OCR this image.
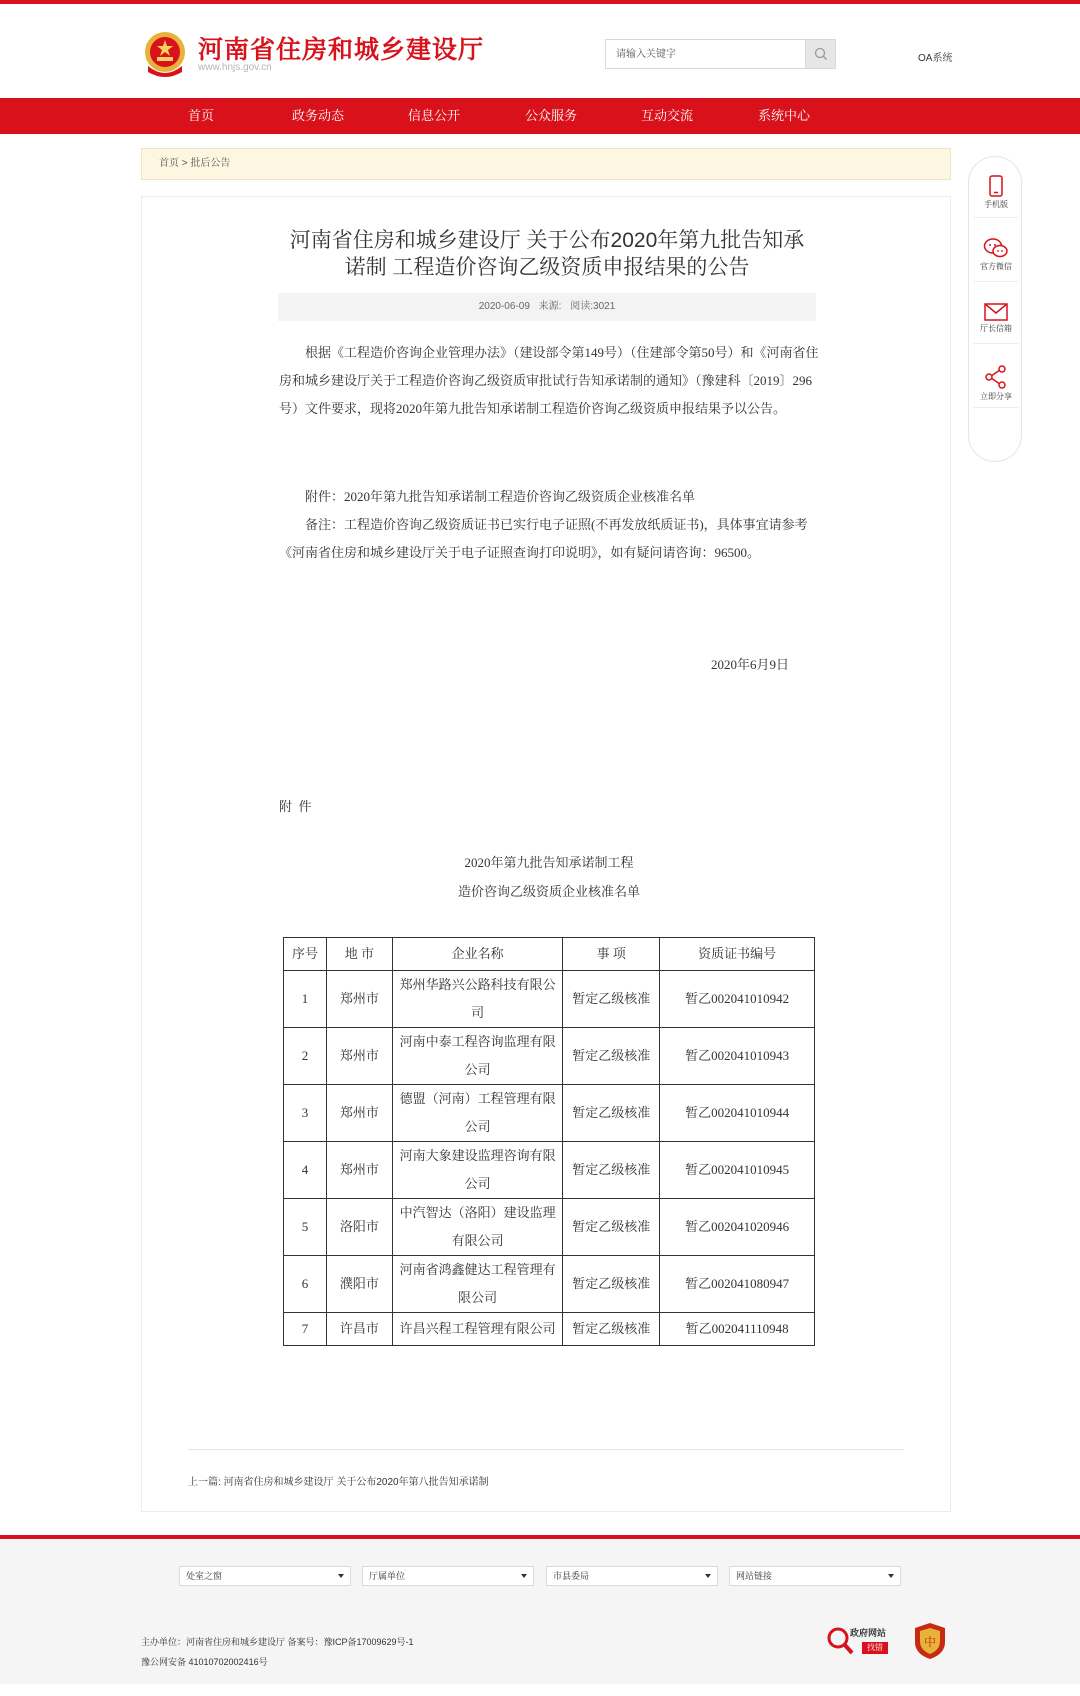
河南省住房和城乡建设厅
www.hnjs.gov.cn
请输入关键字
OA系统
首页	政务动态	信息公开	公众服务	互动交流	系统中心
首页 > 批后公告
河南省住房和城乡建设厅 关于公布2020年第九批告知承诺制 工程造价咨询乙级资质申报结果的公告
2020-06-09 来源: 阅读:3021
根据《工程造价咨询企业管理办法》（建设部令第149号）（住建部令第50号）和《河南省住房和城乡建设厅关于工程造价咨询乙级资质审批试行告知承诺制的通知》（豫建科〔2019〕296号）文件要求，现将2020年第九批告知承诺制工程造价咨询乙级资质申报结果予以公告。
附件：2020年第九批告知承诺制工程造价咨询乙级资质企业核准名单
备注：工程造价咨询乙级资质证书已实行电子证照(不再发放纸质证书)，具体事宜请参考《河南省住房和城乡建设厅关于电子证照查询打印说明》，如有疑问请咨询：96500。
2020年6月9日
附  件
2020年第九批告知承诺制工程
造价咨询乙级资质企业核准名单
序号	地 市	企业名称	事 项	资质证书编号
1	郑州市	郑州华路兴公路科技有限公司	暂定乙级核准	暂乙002041010942
2	郑州市	河南中泰工程咨询监理有限公司	暂定乙级核准	暂乙002041010943
3	郑州市	德盟（河南）工程管理有限公司	暂定乙级核准	暂乙002041010944
4	郑州市	河南大象建设监理咨询有限公司	暂定乙级核准	暂乙002041010945
5	洛阳市	中汽智达（洛阳）建设监理有限公司	暂定乙级核准	暂乙002041020946
6	濮阳市	河南省鸿鑫健达工程管理有限公司	暂定乙级核准	暂乙002041080947
7	许昌市	许昌兴程工程管理有限公司	暂定乙级核准	暂乙002041110948
上一篇: 河南省住房和城乡建设厅 关于公布2020年第八批告知承诺制
手机版
官方微信
厅长信箱
立即分享
处室之窗	厅属单位	市县委局	网站链接
主办单位：河南省住房和城乡建设厅 备案号：豫ICP备17009629号-1
豫公网安备 41010702002416号
政府网站
找错	中
